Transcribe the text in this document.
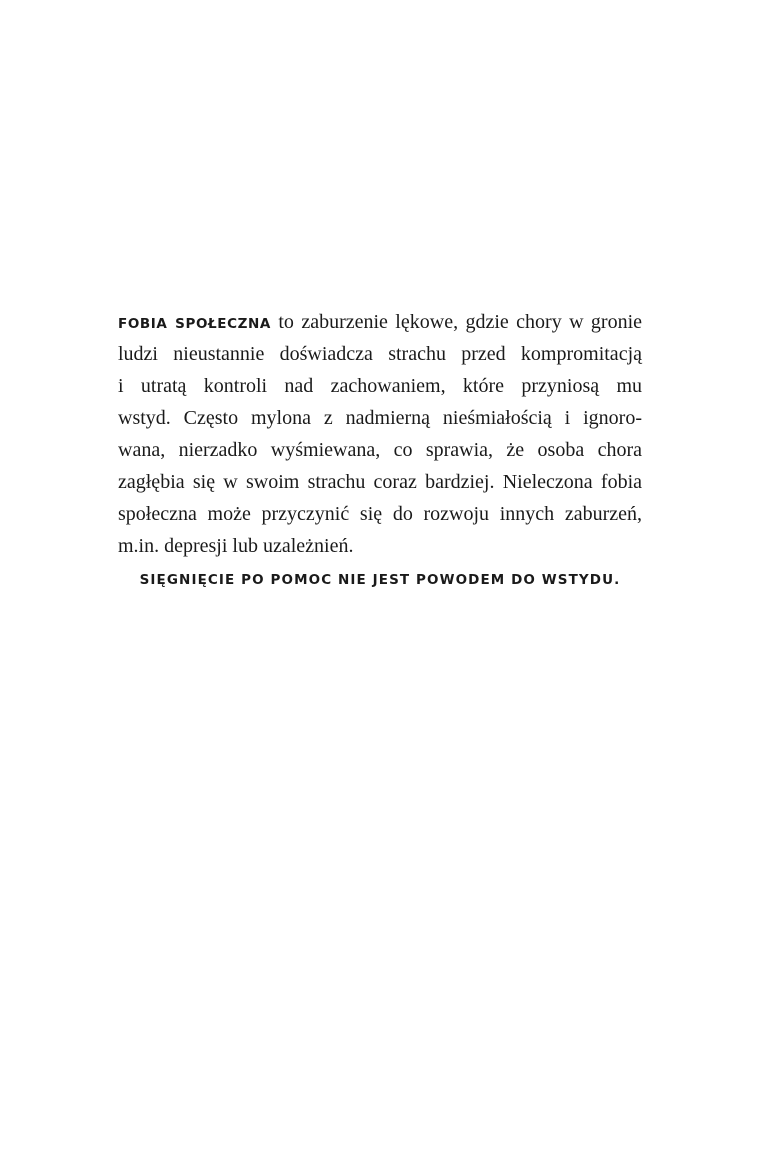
FOBIA SPOŁECZNA to zaburzenie lękowe, gdzie chory w gronie
ludzi nieustannie doświadcza strachu przed kompromitacją
i utratą kontroli nad zachowaniem, które przyniosą mu
wstyd. Często mylona z nadmierną nieśmiałością i ignoro-
wana, nierzadko wyśmiewana, co sprawia, że osoba chora
zagłębia się w swoim strachu coraz bardziej. Nieleczona fobia
społeczna może przyczynić się do rozwoju innych zaburzeń,
m.in. depresji lub uzależnień.
SIĘGNIĘCIE PO POMOC NIE JEST POWODEM DO WSTYDU.
